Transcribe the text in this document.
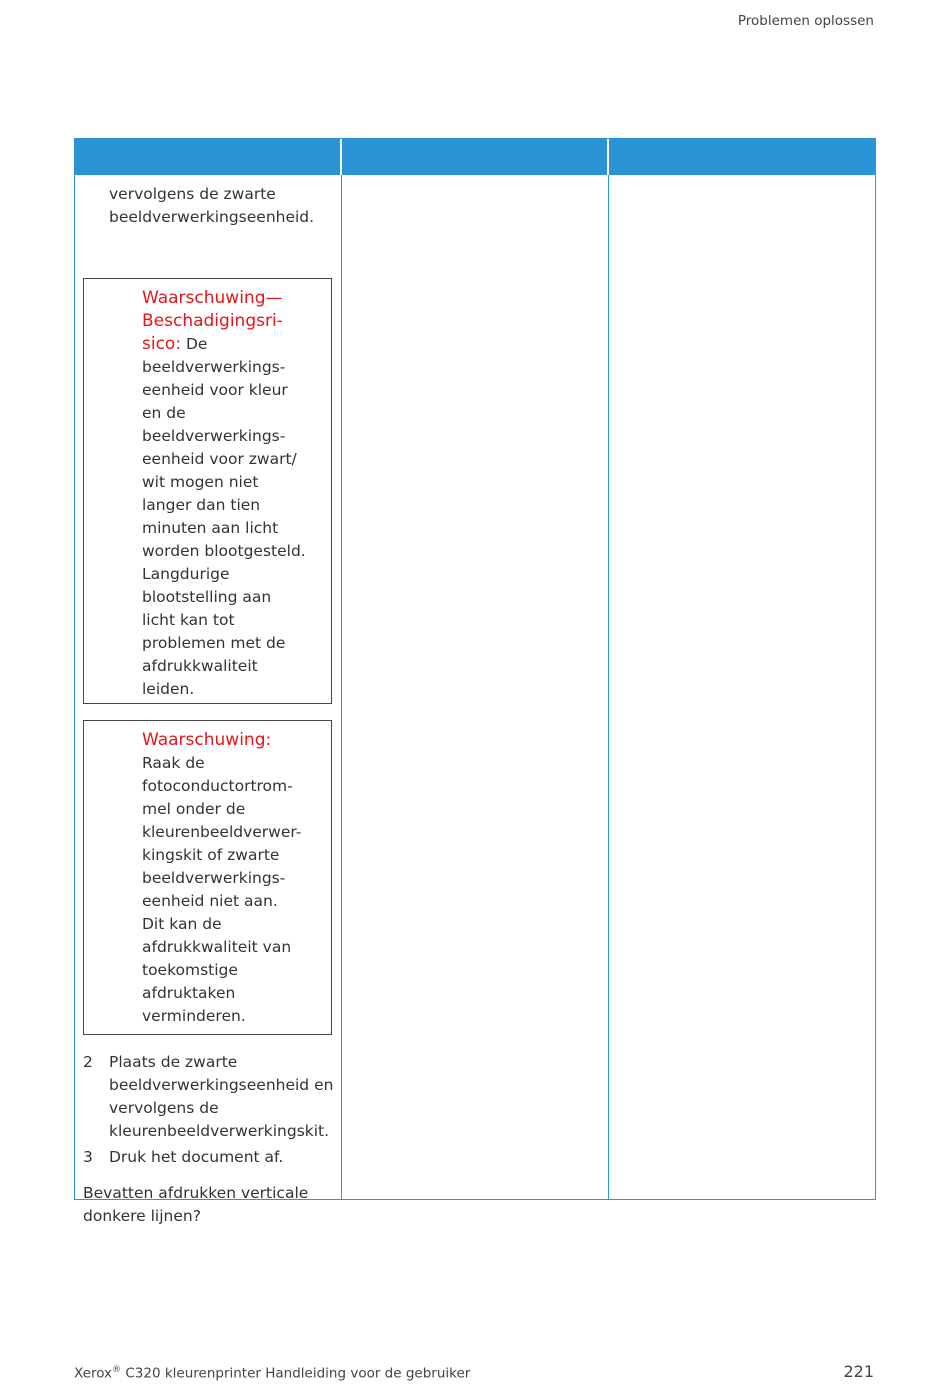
Problemen oplossen
vervolgens de zwarte
beeldverwerkingseenheid.
Waarschuwing—
Beschadigingsri-
sico: De
beeldverwerkings-
eenheid voor kleur
en de
beeldverwerkings-
eenheid voor zwart/
wit mogen niet
langer dan tien
minuten aan licht
worden blootgesteld.
Langdurige
blootstelling aan
licht kan tot
problemen met de
afdrukkwaliteit
leiden.
Waarschuwing:
Raak de
fotoconductortrom-
mel onder de
kleurenbeeldverwer-
kingskit of zwarte
beeldverwerkings-
eenheid niet aan.
Dit kan de
afdrukkwaliteit van
toekomstige
afdruktaken
verminderen.
2 Plaats de zwarte
beeldverwerkingseenheid en
vervolgens de
kleurenbeeldverwerkingskit.
3 Druk het document af.
Bevatten afdrukken verticale
donkere lijnen?
Xerox® C320 kleurenprinter Handleiding voor de gebruiker	221
